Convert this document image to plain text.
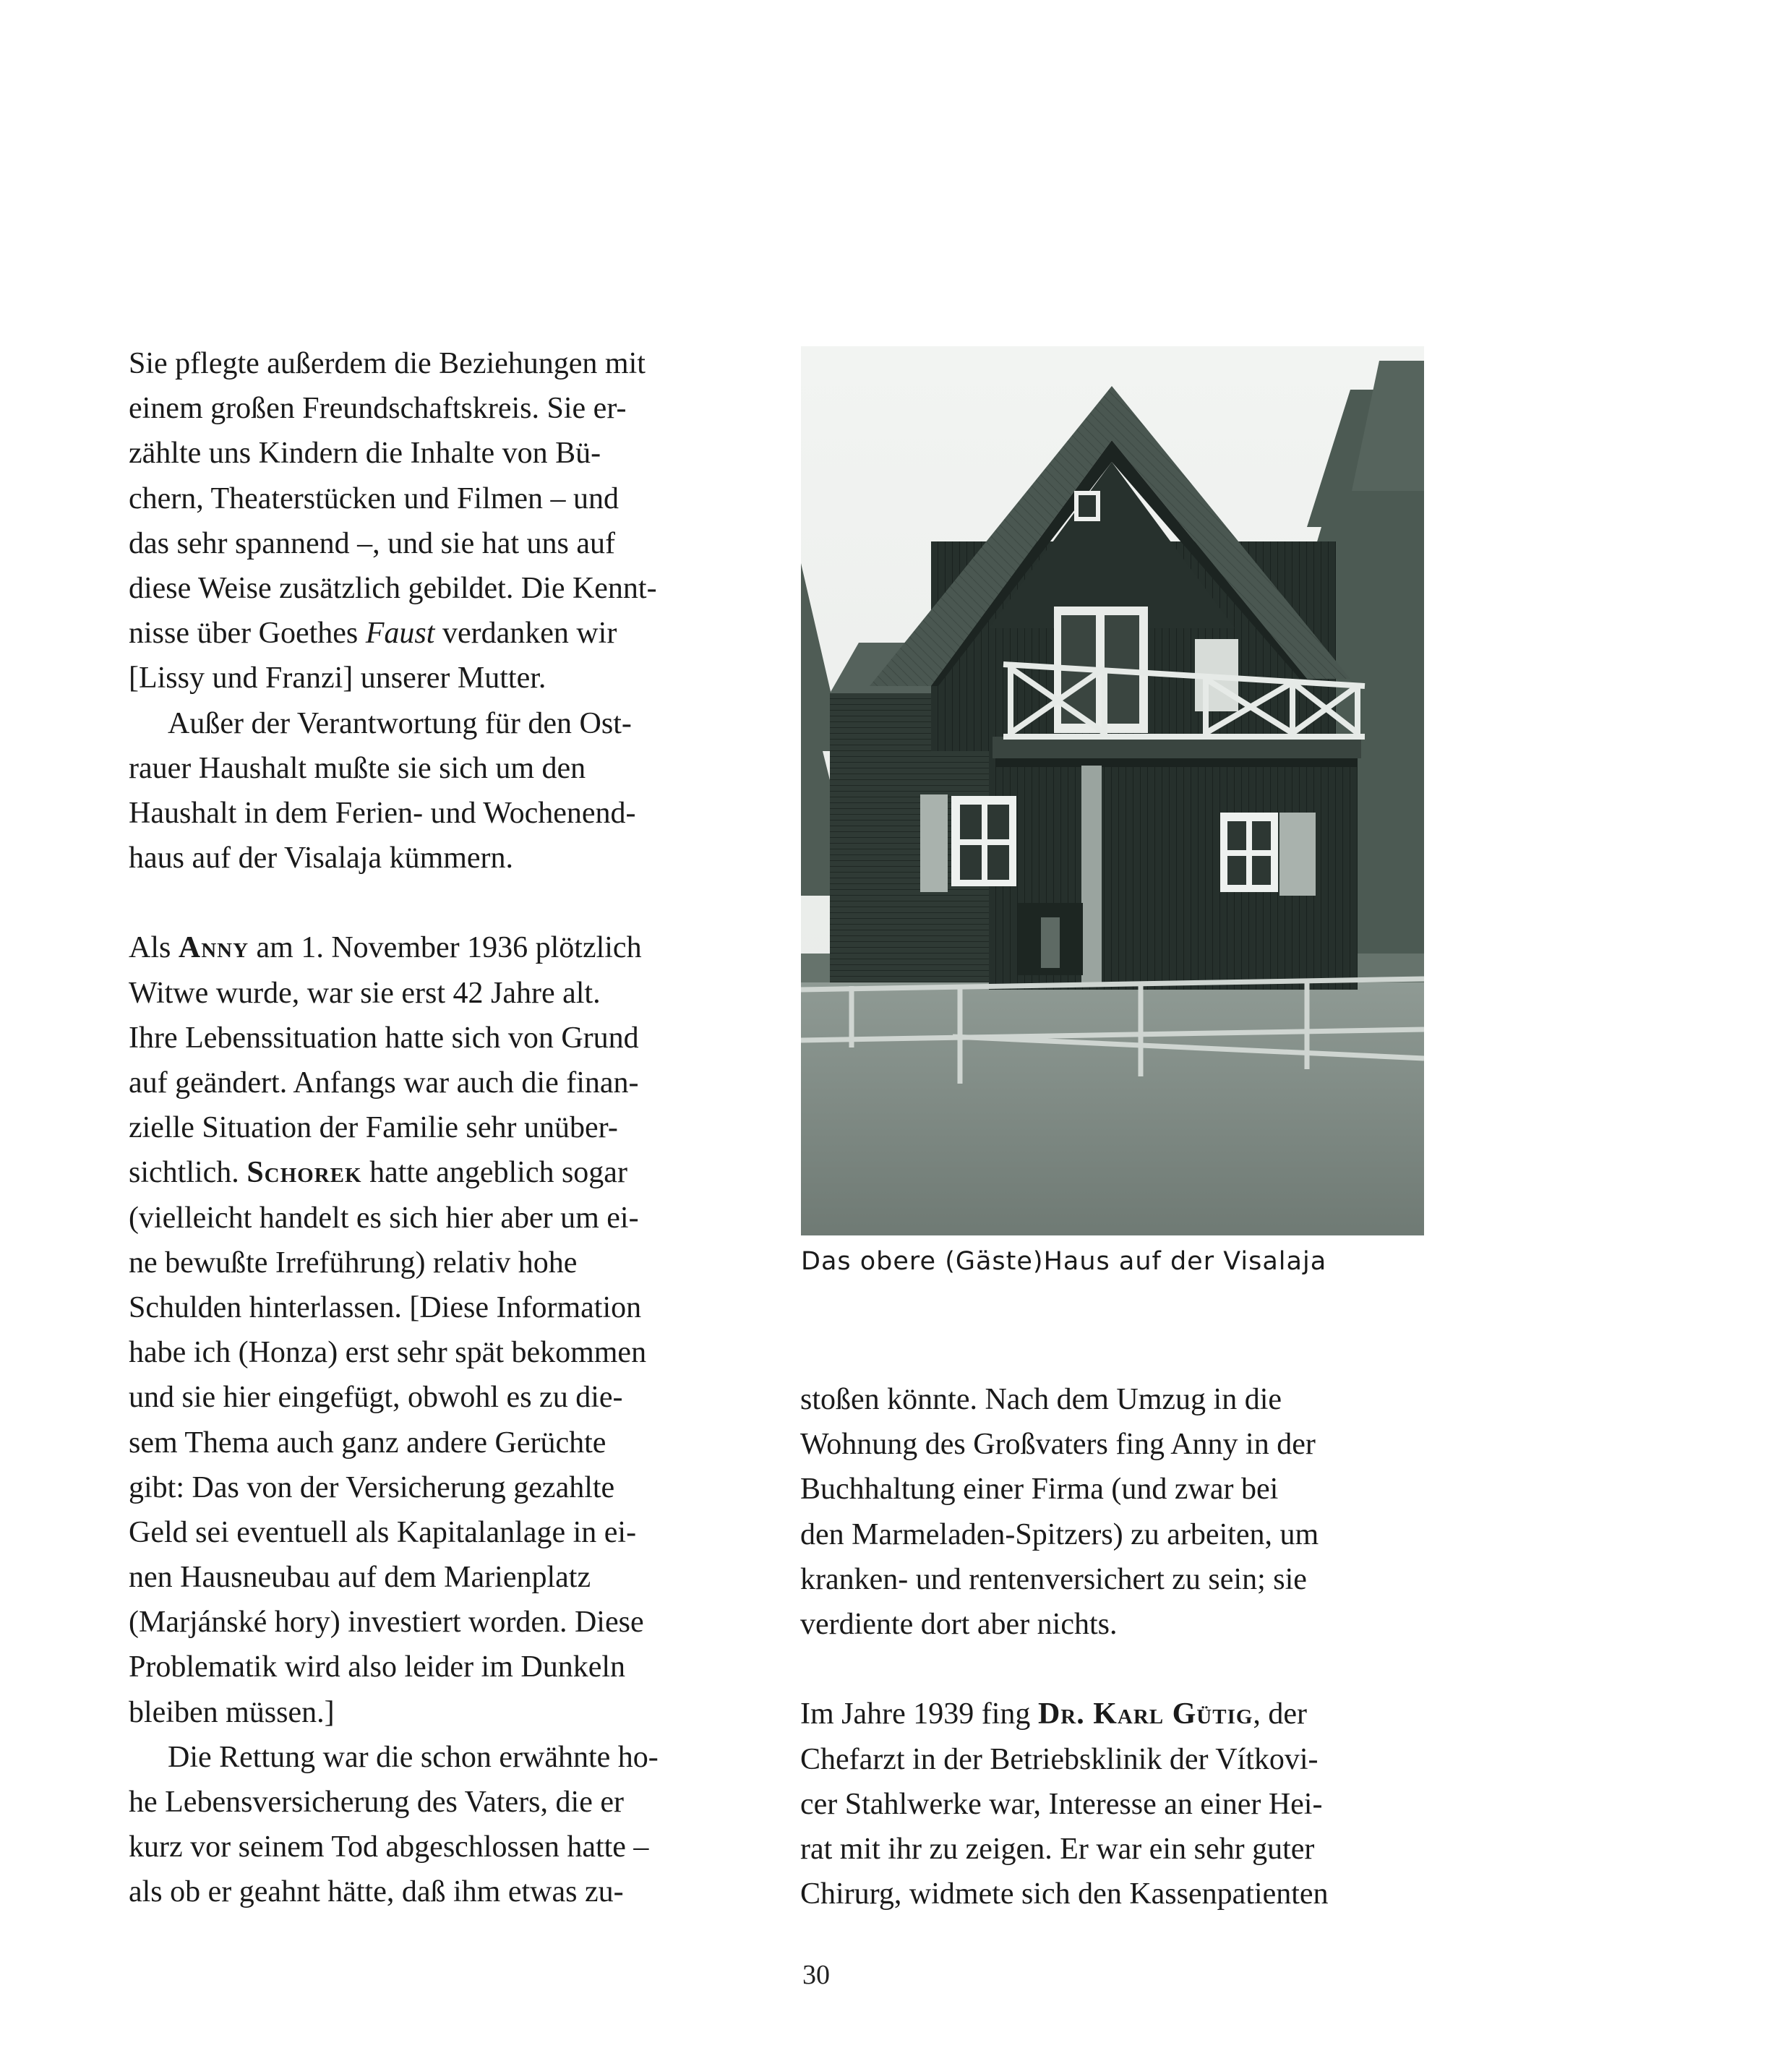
Sie pflegte außerdem die Beziehungen mit
einem großen Freundschaftskreis. Sie er-
zählte uns Kindern die Inhalte von Bü-
chern, Theaterstücken und Filmen – und
das sehr spannend –, und sie hat uns auf
diese Weise zusätzlich gebildet. Die Kennt-
nisse über Goethes Faust verdanken wir
[Lissy und Franzi] unserer Mutter.
Außer der Verantwortung für den Ost-
rauer Haushalt mußte sie sich um den
Haushalt in dem Ferien- und Wochenend-
haus auf der Visalaja kümmern.
Als Anny am 1. November 1936 plötzlich
Witwe wurde, war sie erst 42 Jahre alt.
Ihre Lebenssituation hatte sich von Grund
auf geändert. Anfangs war auch die finan-
zielle Situation der Familie sehr unüber-
sichtlich. Schorek hatte angeblich sogar
(vielleicht handelt es sich hier aber um ei-
ne bewußte Irreführung) relativ hohe
Schulden hinterlassen. [Diese Information
habe ich (Honza) erst sehr spät bekommen
und sie hier eingefügt, obwohl es zu die-
sem Thema auch ganz andere Gerüchte
gibt: Das von der Versicherung gezahlte
Geld sei eventuell als Kapitalanlage in ei-
nen Hausneubau auf dem Marienplatz
(Marjánské hory) investiert worden. Diese
Problematik wird also leider im Dunkeln
bleiben müssen.]
Die Rettung war die schon erwähnte ho-
he Lebensversicherung des Vaters, die er
kurz vor seinem Tod abgeschlossen hatte –
als ob er geahnt hätte, daß ihm etwas zu-
Das obere (Gäste)Haus auf der Visalaja
stoßen könnte. Nach dem Umzug in die
Wohnung des Großvaters fing Anny in der
Buchhaltung einer Firma (und zwar bei
den Marmeladen-Spitzers) zu arbeiten, um
kranken- und rentenversichert zu sein; sie
verdiente dort aber nichts.
Im Jahre 1939 fing Dr. Karl Gütig, der
Chefarzt in der Betriebsklinik der Vítkovi-
cer Stahlwerke war, Interesse an einer Hei-
rat mit ihr zu zeigen. Er war ein sehr guter
Chirurg, widmete sich den Kassenpatienten
30
